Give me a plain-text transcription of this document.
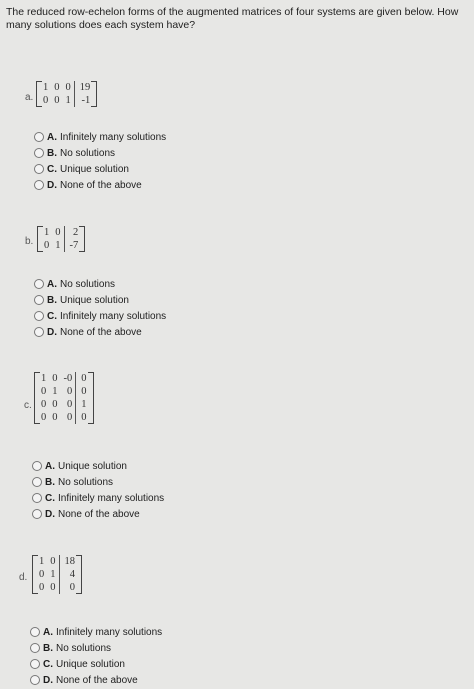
The reduced row-echelon forms of the augmented matrices of four systems are given below. How many solutions does each system have?
a.
1	0	0	19
0	0	1	-1
A. Infinitely many solutions
B. No solutions
C. Unique solution
D. None of the above
b.
1	0	2
0	1	-7
A. No solutions
B. Unique solution
C. Infinitely many solutions
D. None of the above
c.
1	0	-0	0
0	1	0	0
0	0	0	1
0	0	0	0
A. Unique solution
B. No solutions
C. Infinitely many solutions
D. None of the above
d.
1	0	18
0	1	4
0	0	0
A. Infinitely many solutions
B. No solutions
C. Unique solution
D. None of the above
